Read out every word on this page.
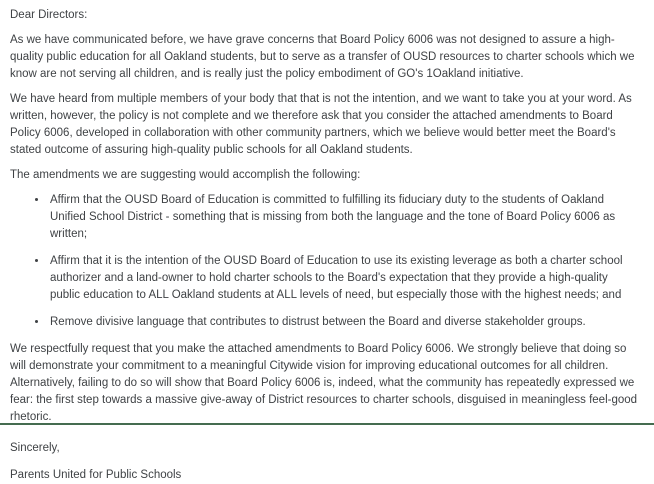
Dear Directors:

As we have communicated before, we have grave concerns that Board Policy 6006 was not designed to assure a high-quality public education for all Oakland students, but to serve as a transfer of OUSD resources to charter schools which we know are not serving all children, and is really just the policy embodiment of GO's 1Oakland initiative.

We have heard from multiple members of your body that that is not the intention, and we want to take you at your word. As written, however, the policy is not complete and we therefore ask that you consider the attached amendments to Board Policy 6006, developed in collaboration with other community partners, which we believe would better meet the Board's stated outcome of assuring high-quality public schools for all Oakland students.

The amendments we are suggesting would accomplish the following:

• Affirm that the OUSD Board of Education is committed to fulfilling its fiduciary duty to the students of Oakland Unified School District - something that is missing from both the language and the tone of Board Policy 6006 as written;
• Affirm that it is the intention of the OUSD Board of Education to use its existing leverage as both a charter school authorizer and a land-owner to hold charter schools to the Board's expectation that they provide a high-quality public education to ALL Oakland students at ALL levels of need, but especially those with the highest needs; and
• Remove divisive language that contributes to distrust between the Board and diverse stakeholder groups.

We respectfully request that you make the attached amendments to Board Policy 6006. We strongly believe that doing so will demonstrate your commitment to a meaningful Citywide vision for improving educational outcomes for all children. Alternatively, failing to do so will show that Board Policy 6006 is, indeed, what the community has repeatedly expressed we fear: the first step towards a massive give-away of District resources to charter schools, disguised in meaningless feel-good rhetoric.

Sincerely,

Parents United for Public Schools
